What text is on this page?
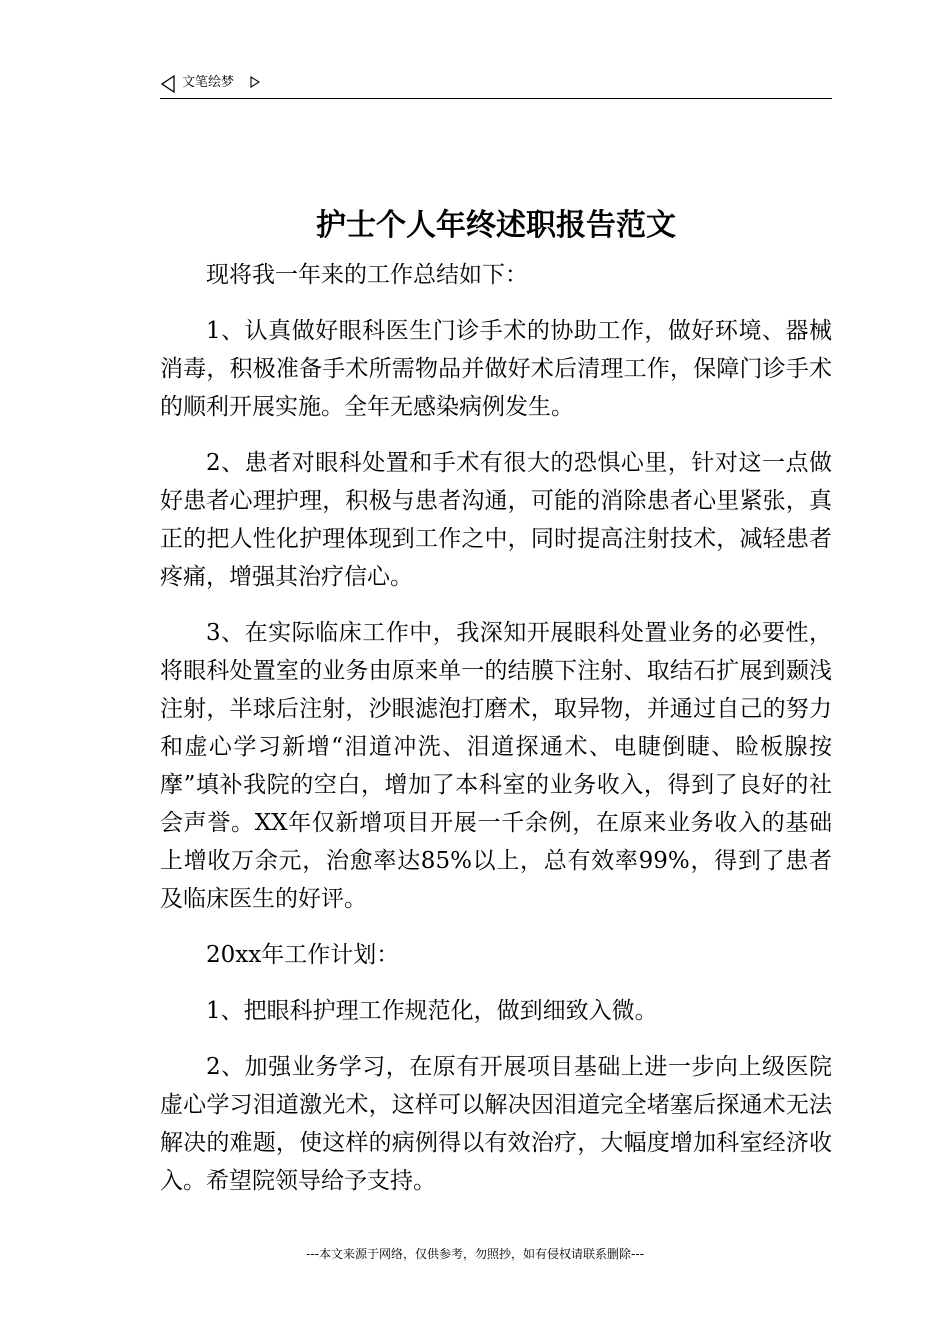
文笔绘梦
护士个人年终述职报告范文

现将我一年来的工作总结如下：

1、认真做好眼科医生门诊手术的协助工作，做好环境、器械消毒，积极准备手术所需物品并做好术后清理工作，保障门诊手术的顺利开展实施。全年无感染病例发生。

2、患者对眼科处置和手术有很大的恐惧心里，针对这一点做好患者心理护理，积极与患者沟通，可能的消除患者心里紧张，真正的把人性化护理体现到工作之中，同时提高注射技术，减轻患者疼痛，增强其治疗信心。

3、在实际临床工作中，我深知开展眼科处置业务的必要性，将眼科处置室的业务由原来单一的结膜下注射、取结石扩展到颞浅注射，半球后注射，沙眼滤泡打磨术，取异物，并通过自己的努力和虚心学习新增“泪道冲洗、泪道探通术、电睫倒睫、睑板腺按摩”填补我院的空白，增加了本科室的业务收入，得到了良好的社会声誉。XX年仅新增项目开展一千余例，在原来业务收入的基础上增收万余元，治愈率达85%以上，总有效率99%，得到了患者及临床医生的好评。

20xx年工作计划：

1、把眼科护理工作规范化，做到细致入微。

2、加强业务学习，在原有开展项目基础上进一步向上级医院虚心学习泪道激光术，这样可以解决因泪道完全堵塞后探通术无法解决的难题，使这样的病例得以有效治疗，大幅度增加科室经济收入。希望院领导给予支持。

---本文来源于网络，仅供参考，勿照抄，如有侵权请联系删除---
